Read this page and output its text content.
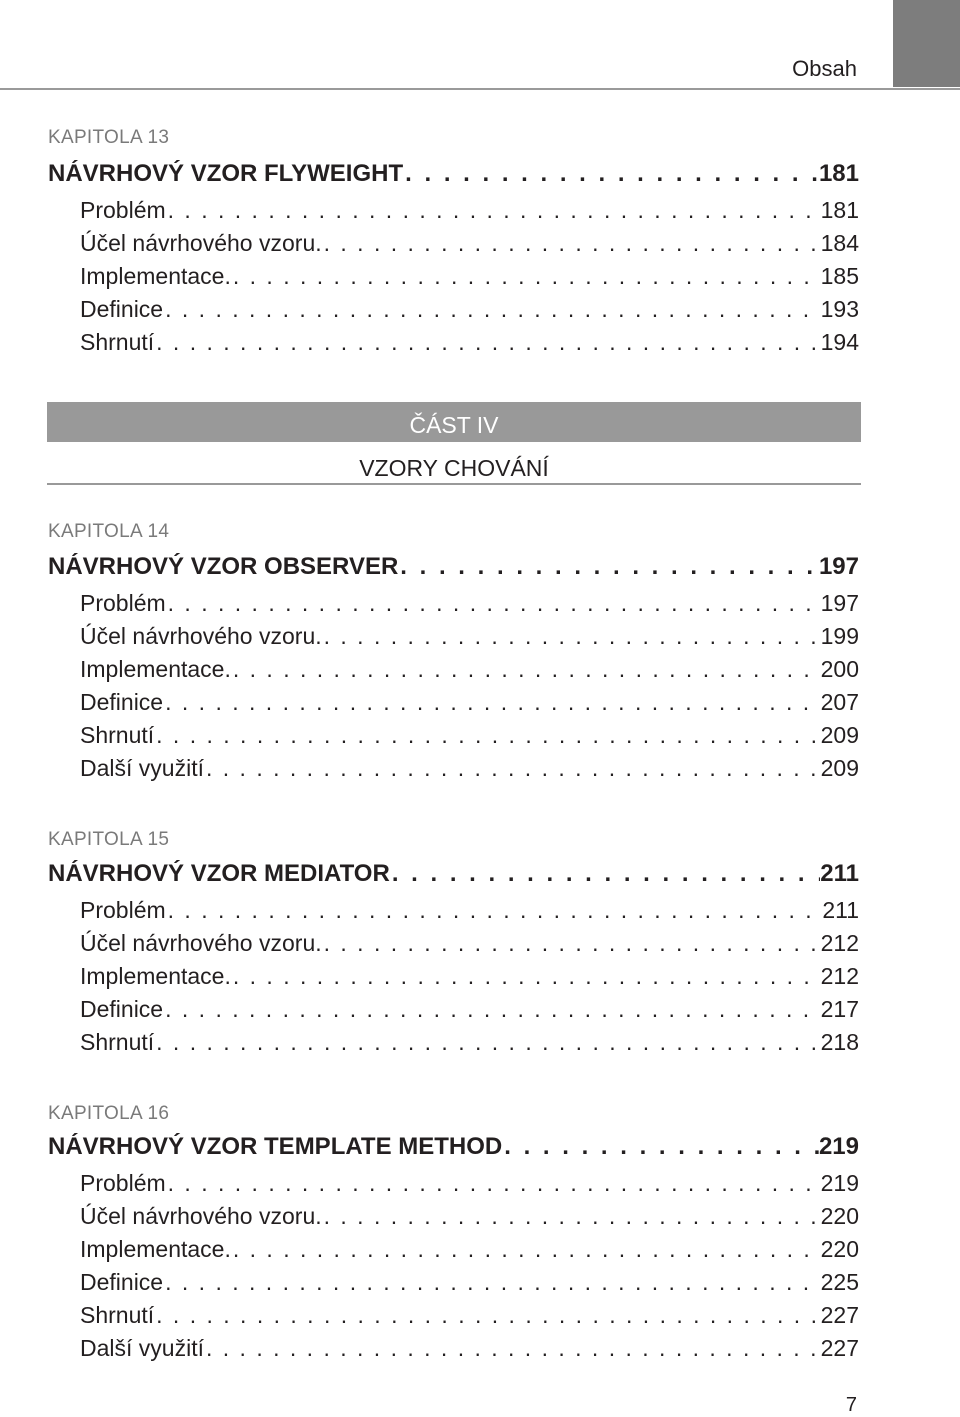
Obsah
KAPITOLA 13
NÁVRHOVÝ VZOR FLYWEIGHT . . .	181
Problém . . .	181
Účel návrhového vzoru. . . .	184
Implementace. . . .	185
Definice . . .	193
Shrnutí . . .	194
ČÁST IV
VZORY CHOVÁNÍ
KAPITOLA 14
NÁVRHOVÝ VZOR OBSERVER . . .	197
Problém . . .	197
Účel návrhového vzoru. . . .	199
Implementace. . . .	200
Definice . . .	207
Shrnutí . . .	209
Další využití . . .	209
KAPITOLA 15
NÁVRHOVÝ VZOR MEDIATOR . . .	211
Problém . . .	211
Účel návrhového vzoru. . . .	212
Implementace. . . .	212
Definice . . .	217
Shrnutí . . .	218
KAPITOLA 16
NÁVRHOVÝ VZOR TEMPLATE METHOD . . .	219
Problém . . .	219
Účel návrhového vzoru. . . .	220
Implementace. . . .	220
Definice . . .	225
Shrnutí . . .	227
Další využití . . .	227
7
